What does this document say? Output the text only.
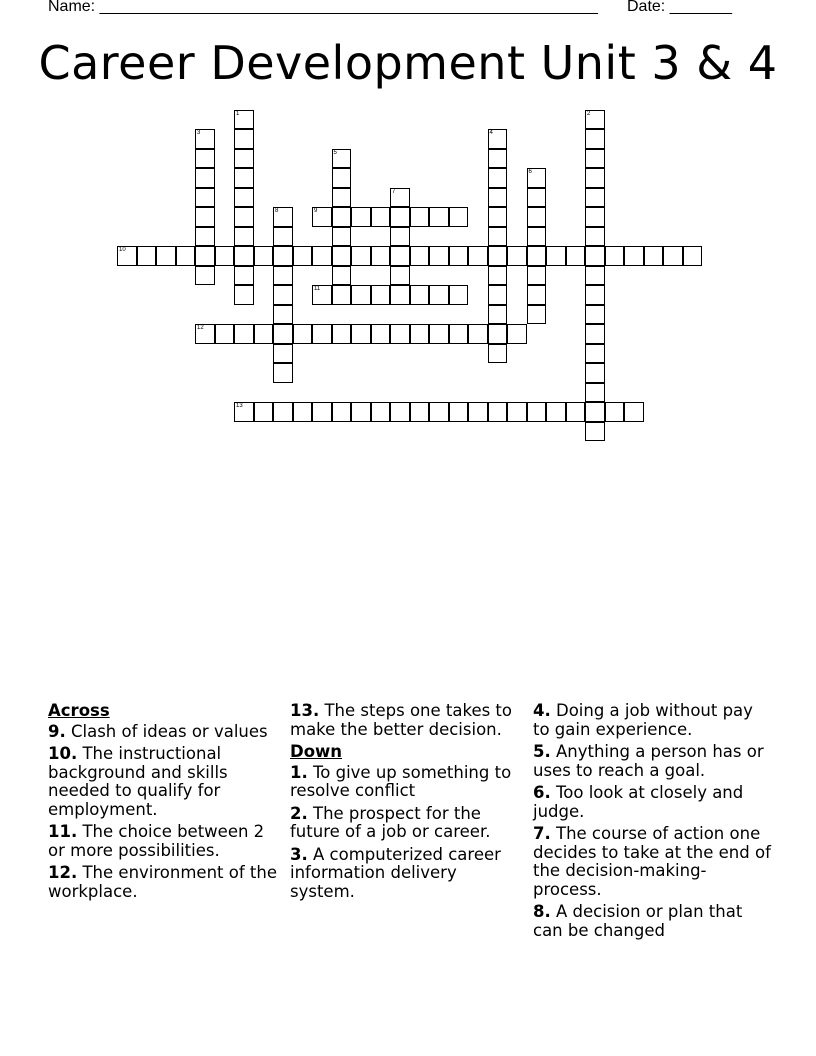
Name: ________________________________________________________ Date: _______
Career Development Unit 3 & 4
1	2
3	4
5
6
7
8	9
10
11
12
13
Across
9. Clash of ideas or values
10. The instructional background and skills needed to qualify for employment.
11. The choice between 2 or more possibilities.
12. The environment of the workplace.
13. The steps one takes to make the better decision.
Down
1. To give up something to resolve conflict
2. The prospect for the future of a job or career.
3. A computerized career information delivery system.
4. Doing a job without pay to gain experience.
5. Anything a person has or uses to reach a goal.
6. Too look at closely and judge.
7. The course of action one decides to take at the end of the decision-making-process.
8. A decision or plan that can be changed
